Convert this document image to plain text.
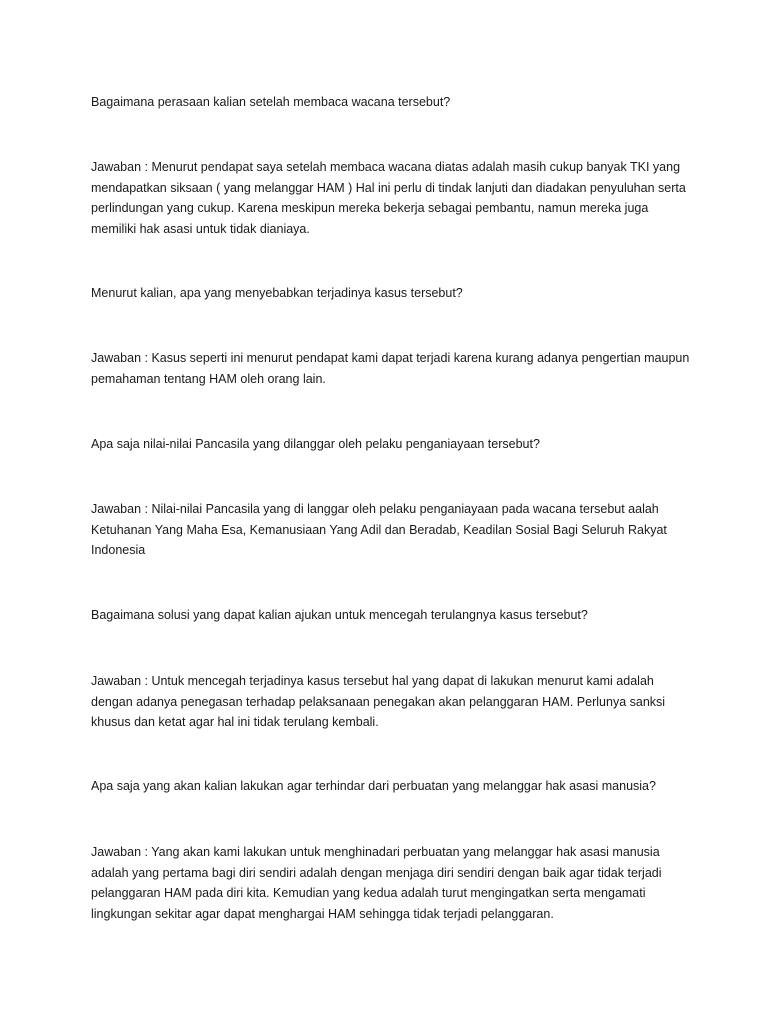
Bagaimana perasaan kalian setelah membaca wacana tersebut?

Jawaban : Menurut pendapat saya setelah membaca wacana diatas adalah masih cukup banyak TKI yang mendapatkan siksaan ( yang melanggar HAM ) Hal ini perlu di tindak lanjuti dan diadakan penyuluhan serta perlindungan yang cukup. Karena meskipun mereka bekerja sebagai pembantu, namun mereka juga memiliki hak asasi untuk tidak dianiaya.

Menurut kalian, apa yang menyebabkan terjadinya kasus tersebut?

Jawaban : Kasus seperti ini menurut pendapat kami dapat terjadi karena kurang adanya pengertian maupun pemahaman tentang HAM oleh orang lain.

Apa saja nilai-nilai Pancasila yang dilanggar oleh pelaku penganiayaan tersebut?

Jawaban : Nilai-nilai Pancasila yang di langgar oleh pelaku penganiayaan pada wacana tersebut aalah Ketuhanan Yang Maha Esa, Kemanusiaan Yang Adil dan Beradab, Keadilan Sosial Bagi Seluruh Rakyat Indonesia

Bagaimana solusi yang dapat kalian ajukan untuk mencegah terulangnya kasus tersebut?

Jawaban : Untuk mencegah terjadinya kasus tersebut hal yang dapat di lakukan menurut kami adalah dengan adanya penegasan terhadap pelaksanaan penegakan akan pelanggaran HAM. Perlunya sanksi khusus dan ketat agar hal ini tidak terulang kembali.

Apa saja yang akan kalian lakukan agar terhindar dari perbuatan yang melanggar hak asasi manusia?

Jawaban : Yang akan kami lakukan untuk menghinadari perbuatan yang melanggar hak asasi manusia adalah yang pertama bagi diri sendiri adalah dengan menjaga diri sendiri dengan baik agar tidak terjadi pelanggaran HAM pada diri kita. Kemudian yang kedua adalah turut mengingatkan serta mengamati lingkungan sekitar agar dapat menghargai HAM sehingga tidak terjadi pelanggaran.
